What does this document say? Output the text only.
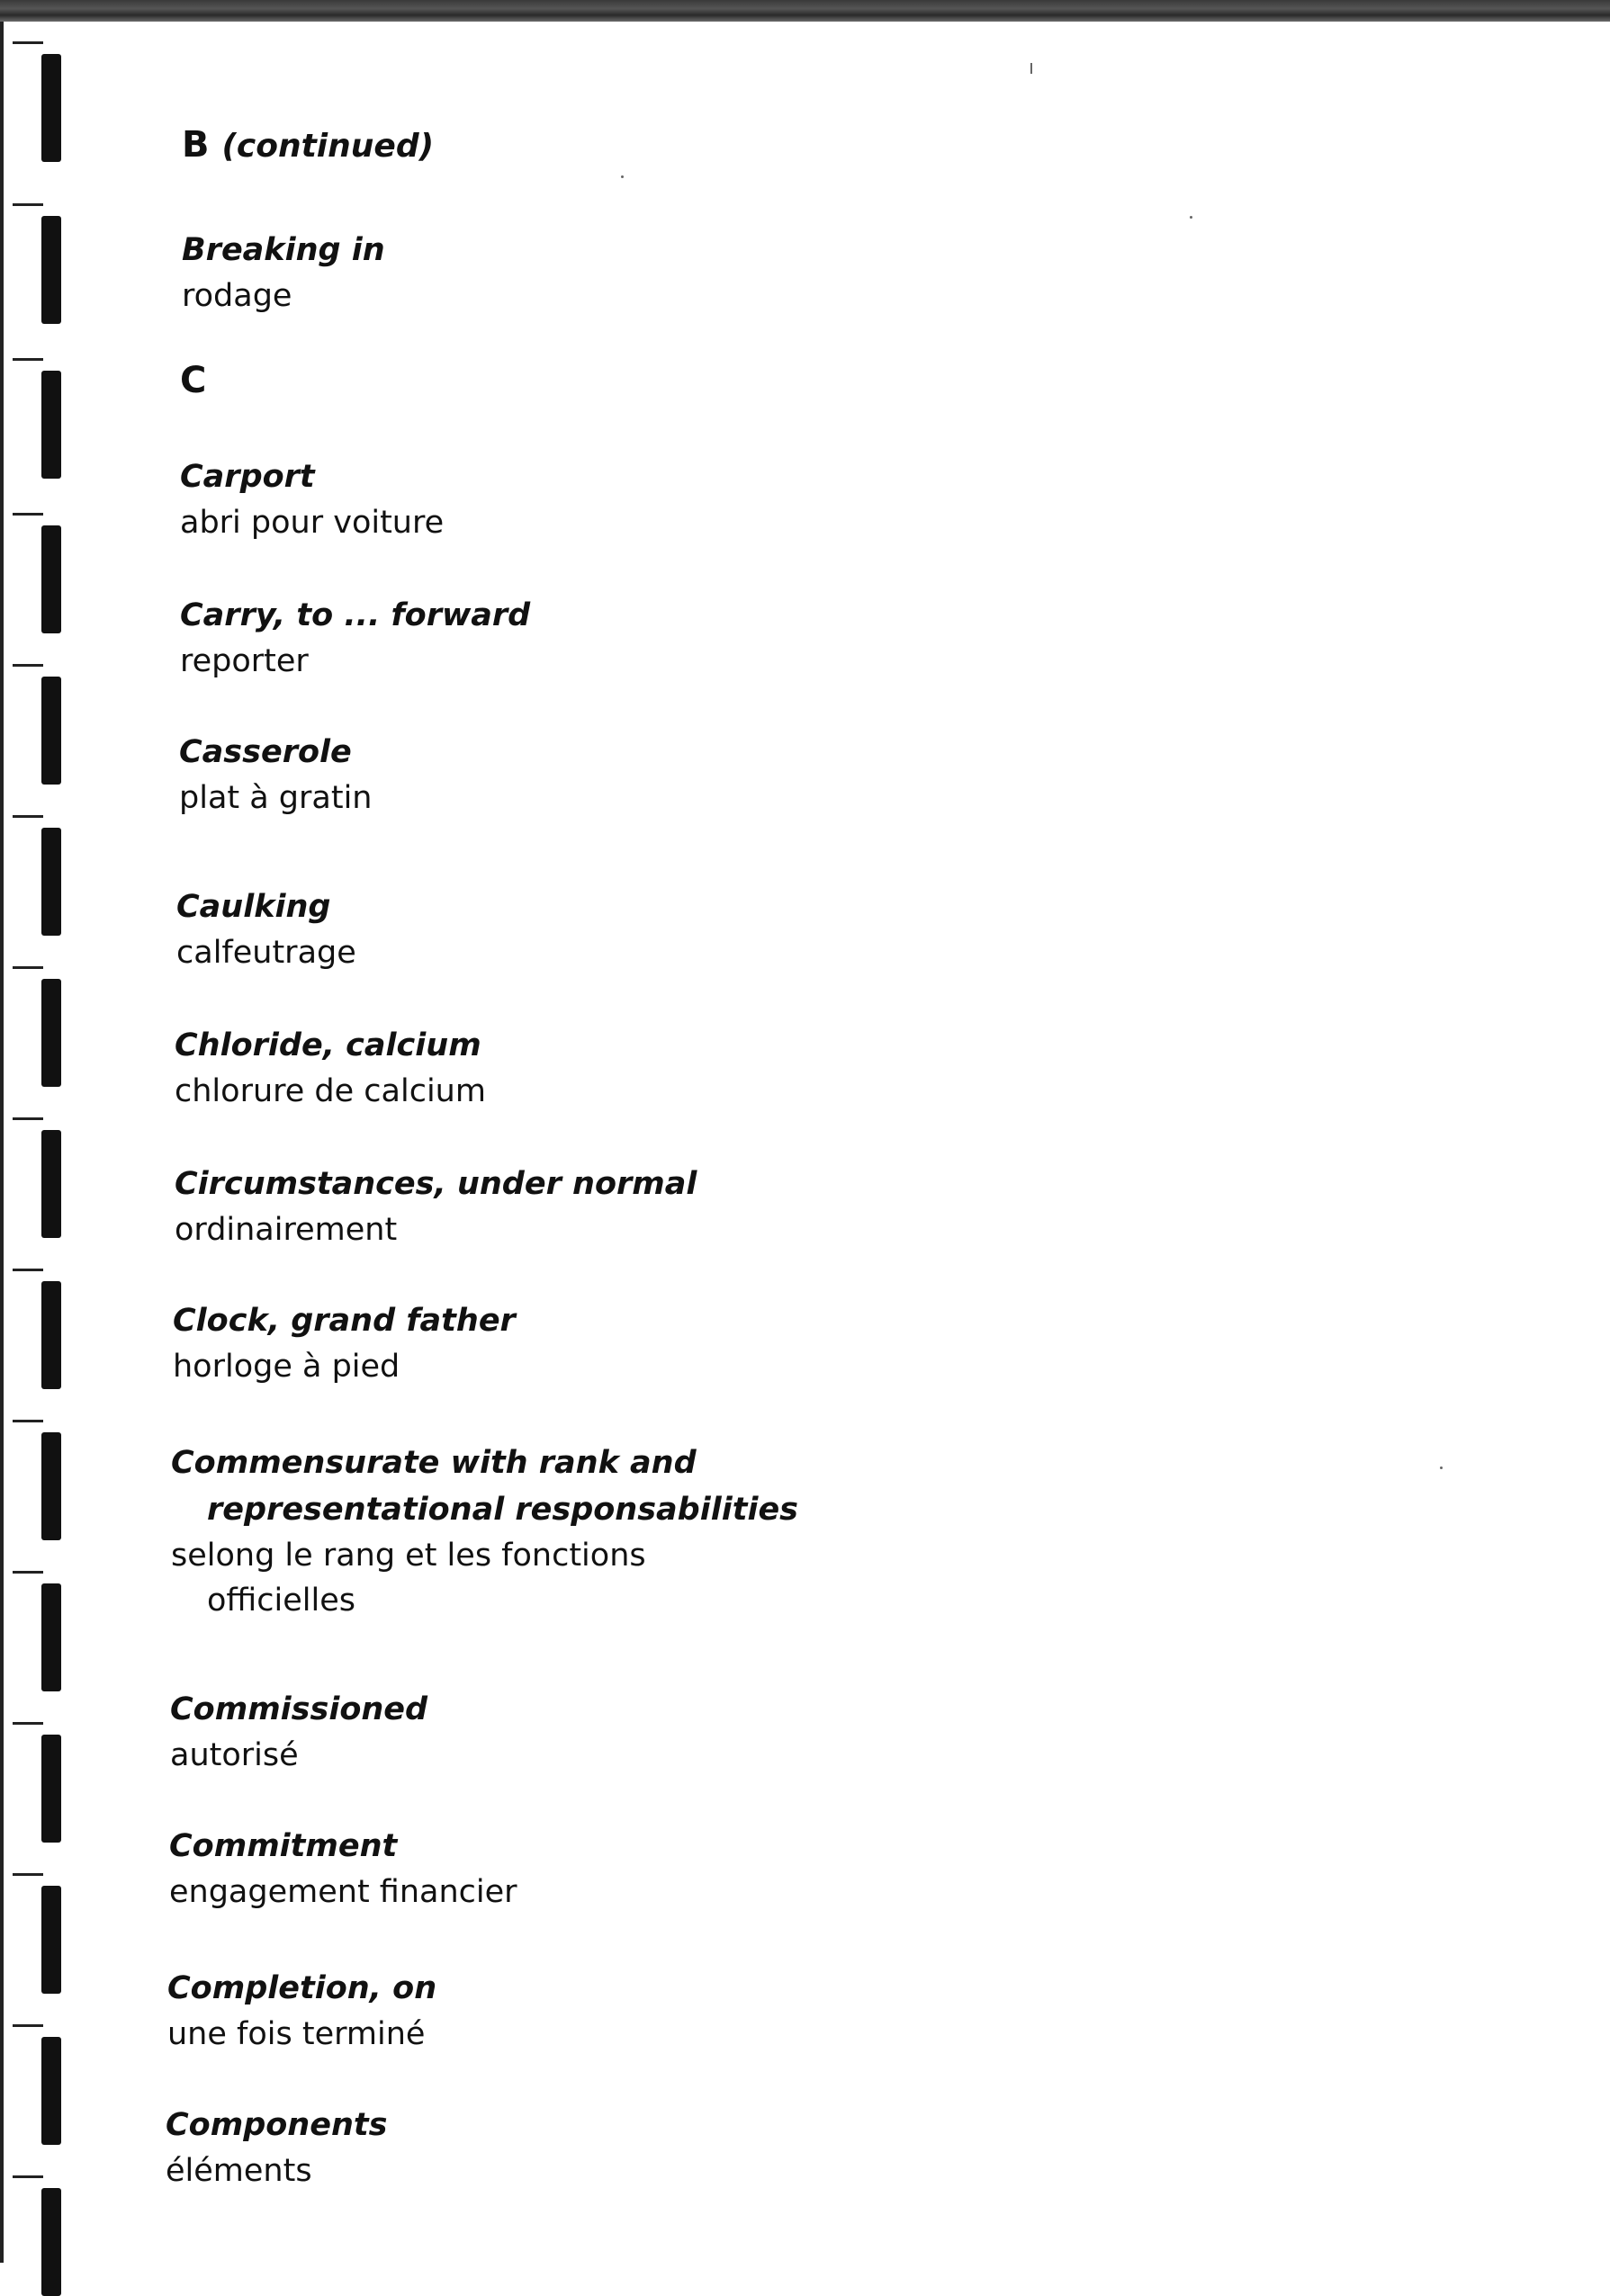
B (continued)
Breaking in
rodage
C
Carport
abri pour voiture
Carry, to ... forward
reporter
Casserole
plat à gratin
Caulking
calfeutrage
Chloride, calcium
chlorure de calcium
Circumstances, under normal
ordinairement
Clock, grand father
horloge à pied
Commensurate with rank and
representational responsabilities
selong le rang et les fonctions
officielles
Commissioned
autorisé
Commitment
engagement financier
Completion, on
une fois terminé
Components
éléments
